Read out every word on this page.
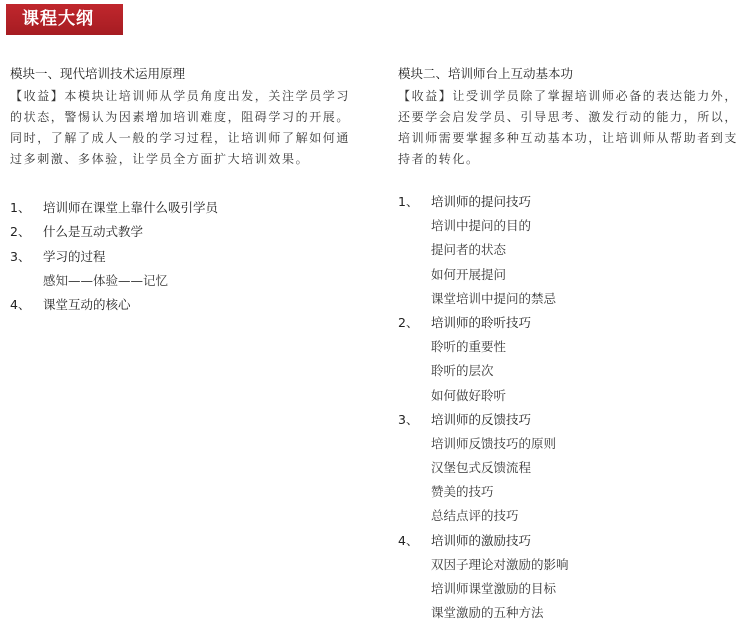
课程大纲
模块一、现代培训技术运用原理
【收益】本模块让培训师从学员角度出发，关注学员学习的状态，警惕认为因素增加培训难度，阻碍学习的开展。同时，了解了成人一般的学习过程，让培训师了解如何通过多刺激、多体验，让学员全方面扩大培训效果。
1、	培训师在课堂上靠什么吸引学员
2、	什么是互动式教学
3、	学习的过程
感知——体验——记忆
4、	课堂互动的核心
模块二、培训师台上互动基本功
【收益】让受训学员除了掌握培训师必备的表达能力外，还要学会启发学员、引导思考、激发行动的能力，所以，培训师需要掌握多种互动基本功，让培训师从帮助者到支持者的转化。
1、	培训师的提问技巧
培训中提问的目的
提问者的状态
如何开展提问
课堂培训中提问的禁忌
2、	培训师的聆听技巧
聆听的重要性
聆听的层次
如何做好聆听
3、	培训师的反馈技巧
培训师反馈技巧的原则
汉堡包式反馈流程
赞美的技巧
总结点评的技巧
4、	培训师的激励技巧
双因子理论对激励的影响
培训师课堂激励的目标
课堂激励的五种方法
